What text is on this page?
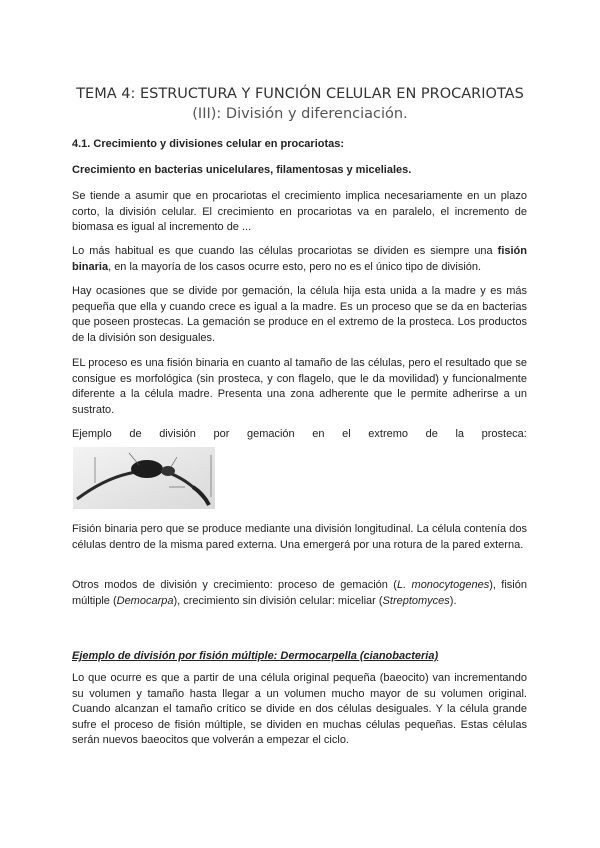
TEMA 4: ESTRUCTURA Y FUNCIÓN CELULAR EN PROCARIOTAS
(III): División y diferenciación.
4.1. Crecimiento y divisiones celular en procariotas:
Crecimiento en bacterias unicelulares, filamentosas y miceliales.
Se tiende a asumir que en procariotas el crecimiento implica necesariamente en un plazo corto, la división celular. El crecimiento en procariotas va en paralelo, el incremento de biomasa es igual al incremento de ...
Lo más habitual es que cuando las células procariotas se dividen es siempre una fisión binaria, en la mayoría de los casos ocurre esto, pero no es el único tipo de división.
Hay ocasiones que se divide por gemación, la célula hija esta unida a la madre y es más pequeña que ella y cuando crece es igual a la madre. Es un proceso que se da en bacterias que poseen prostecas. La gemación se produce en el extremo de la prosteca. Los productos de la división son desiguales.
EL proceso es una fisión binaria en cuanto al tamaño de las células, pero el resultado que se consigue es morfológica (sin prosteca, y con flagelo, que le da movilidad) y funcionalmente diferente a la célula madre. Presenta una zona adherente que le permite adherirse a un sustrato.
Ejemplo de división por gemación en el extremo de la prosteca:
Fisión binaria pero que se produce mediante una división longitudinal. La célula contenía dos células dentro de la misma pared externa. Una emergerá por una rotura de la pared externa.
Otros modos de división y crecimiento: proceso de gemación (L. monocytogenes), fisión múltiple (Democarpa), crecimiento sin división celular: miceliar (Streptomyces).
Ejemplo de división por fisión múltiple: Dermocarpella (cianobacteria)
Lo que ocurre es que a partir de una célula original pequeña (baeocito) van incrementando su volumen y tamaño hasta llegar a un volumen mucho mayor de su volumen original. Cuando alcanzan el tamaño crítico se divide en dos células desiguales. Y la célula grande sufre el proceso de fisión múltiple, se dividen en muchas células pequeñas. Estas células serán nuevos baeocitos que volverán a empezar el ciclo.
